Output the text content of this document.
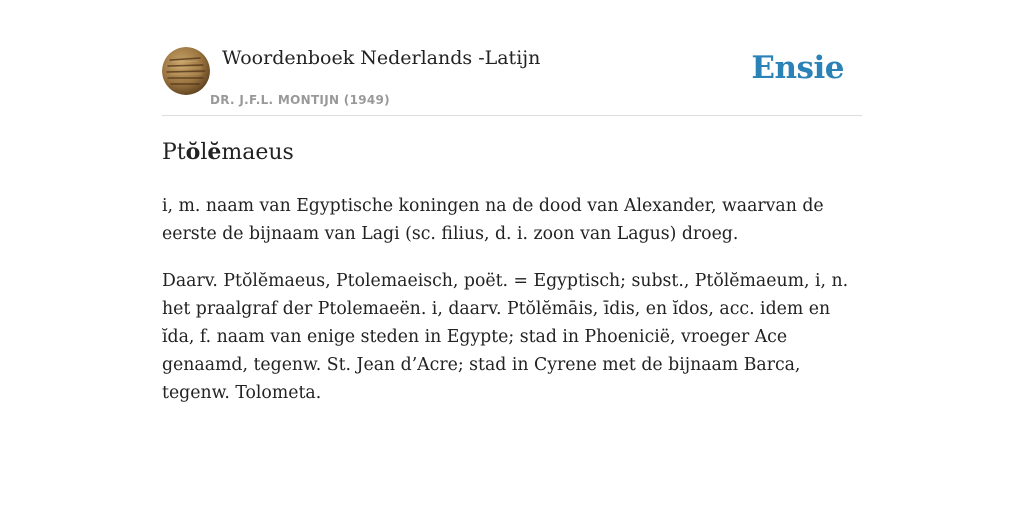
Woordenboek Nederlands -Latijn
DR. J.F.L. MONTIJN (1949)
Ensie
Ptŏlĕmaeus

i, m. naam van Egyptische koningen na de dood van Alexander, waarvan de eerste de bijnaam van Lagi (sc. filius, d. i. zoon van Lagus) droeg.

Daarv. Ptŏlĕmaeus, Ptolemaeisch, poët. = Egyptisch; subst., Ptŏlĕmaeum, i, n. het praalgraf der Ptolemaeën. i, daarv. Ptŏlĕmāis, īdis, en ĭdos, acc. idem en ĭda, f. naam van enige steden in Egypte; stad in Phoeniciё, vroeger Ace genaamd, tegenw. St. Jean d’Acre; stad in Cyrene met de bijnaam Barca, tegenw. Tolometa.
